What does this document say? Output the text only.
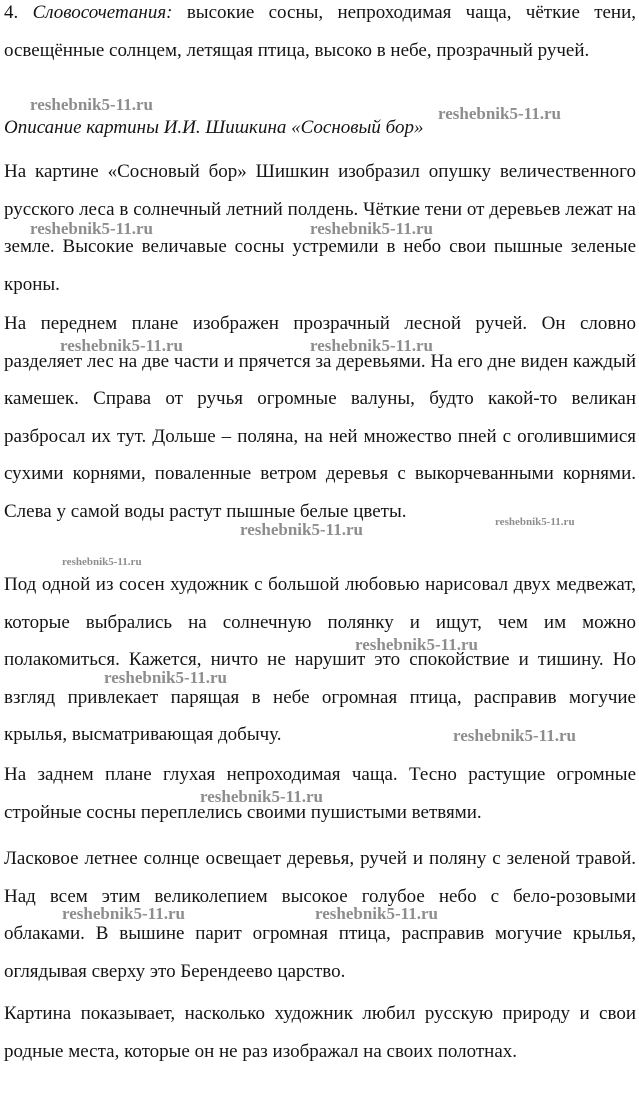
4. Словосочетания: высокие сосны, непроходимая чаща, чёткие тени, освещённые солнцем, летящая птица, высоко в небе, прозрачный ручей.

Описание картины И.И. Шишкина «Сосновый бор»

На картине «Сосновый бор» Шишкин изобразил опушку величественного русского леса в солнечный летний полдень. Чёткие тени от деревьев лежат на земле. Высокие величавые сосны устремили в небо свои пышные зеленые кроны.

На переднем плане изображен прозрачный лесной ручей. Он словно разделяет лес на две части и прячется за деревьями. На его дне виден каждый камешек. Справа от ручья огромные валуны, будто какой-то великан разбросал их тут. Дольше – поляна, на ней множество пней с оголившимися сухими корнями, поваленные ветром деревья с выкорчеванными корнями. Слева у самой воды растут пышные белые цветы.

Под одной из сосен художник с большой любовью нарисовал двух медвежат, которые выбрались на солнечную полянку и ищут, чем им можно полакомиться. Кажется, ничто не нарушит это спокойствие и тишину. Но взгляд привлекает парящая в небе огромная птица, расправив могучие крылья, высматривающая добычу.

На заднем плане глухая непроходимая чаща. Тесно растущие огромные стройные сосны переплелись своими пушистыми ветвями.

Ласковое летнее солнце освещает деревья, ручей и поляну с зеленой травой. Над всем этим великолепием высокое голубое небо с бело-розовыми облаками. В вышине парит огромная птица, расправив могучие крылья, оглядывая сверху это Берендеево царство.

Картина показывает, насколько художник любил русскую природу и свои родные места, которые он не раз изображал на своих полотнах.

reshebnik5-11.ru	reshebnik5-11.ru
reshebnik5-11.ru	reshebnik5-11.ru
reshebnik5-11.ru	reshebnik5-11.ru
reshebnik5-11.ru	reshebnik5-11.ru
reshebnik5-11.ru
reshebnik5-11.ru
reshebnik5-11.ru
reshebnik5-11.ru
reshebnik5-11.ru
reshebnik5-11.ru	reshebnik5-11.ru
